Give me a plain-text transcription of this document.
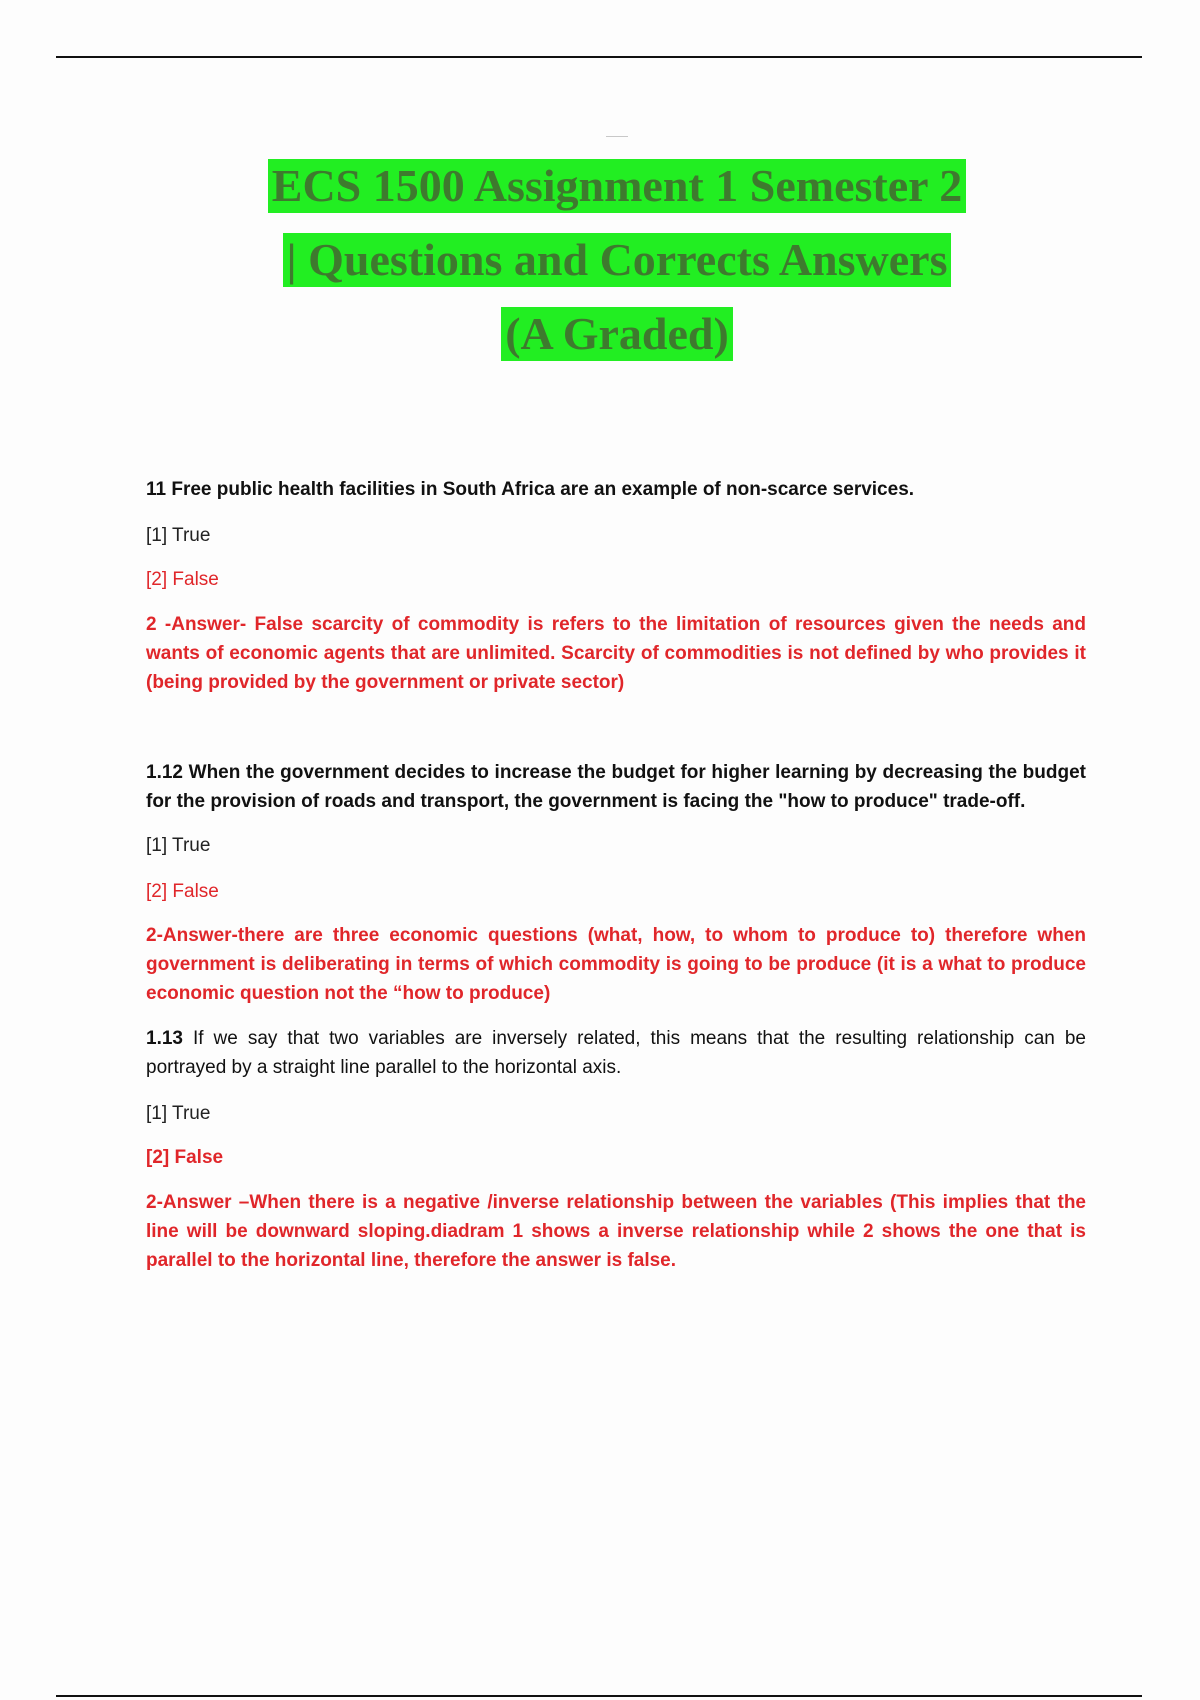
ECS 1500 Assignment 1 Semester 2
| Questions and Corrects Answers
(A Graded)

11 Free public health facilities in South Africa are an example of non-scarce services.

[1] True

[2] False

2 -Answer- False scarcity of commodity is refers to the limitation of resources given the needs and wants of economic agents that are unlimited. Scarcity of commodities is not defined by who provides it (being provided by the government or private sector)

1.12 When the government decides to increase the budget for higher learning by decreasing the budget for the provision of roads and transport, the government is facing the "how to produce" trade-off.

[1] True

[2] False

2-Answer-there are three economic questions (what, how, to whom to produce to) therefore when government is deliberating in terms of which commodity is going to be produce (it is a what to produce economic question not the “how to produce)

1.13 If we say that two variables are inversely related, this means that the resulting relationship can be portrayed by a straight line parallel to the horizontal axis.

[1] True

[2] False

2-Answer –When there is a negative /inverse relationship between the variables (This implies that the line will be downward sloping.diadram 1 shows a inverse relationship while 2 shows the one that is parallel to the horizontal line, therefore the answer is false.
